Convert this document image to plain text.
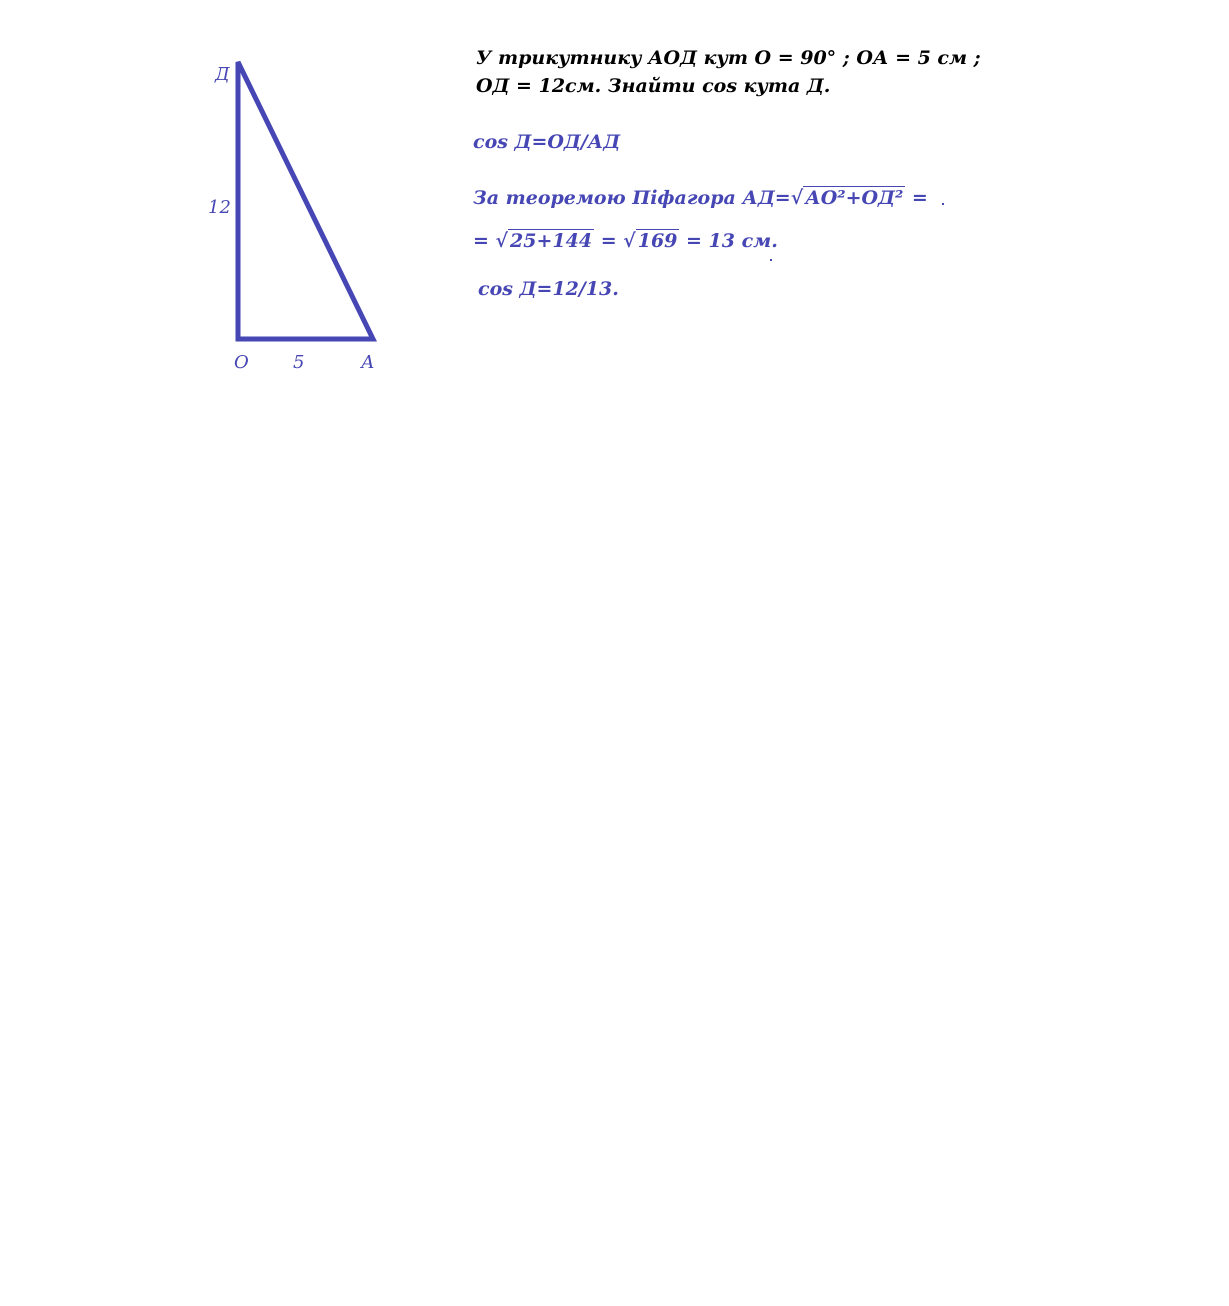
Д
12
O 5	А
У трикутнику АОД кут О = 90° ; ОА = 5 см ;
ОД = 12см. Знайти cos кута Д.
cos Д=ОД/АД
За теоремою Піфагора АД=√ АО²+ОД² =
= √ 25+144 = √ 169 = 13 см.
cos Д=12/13.
